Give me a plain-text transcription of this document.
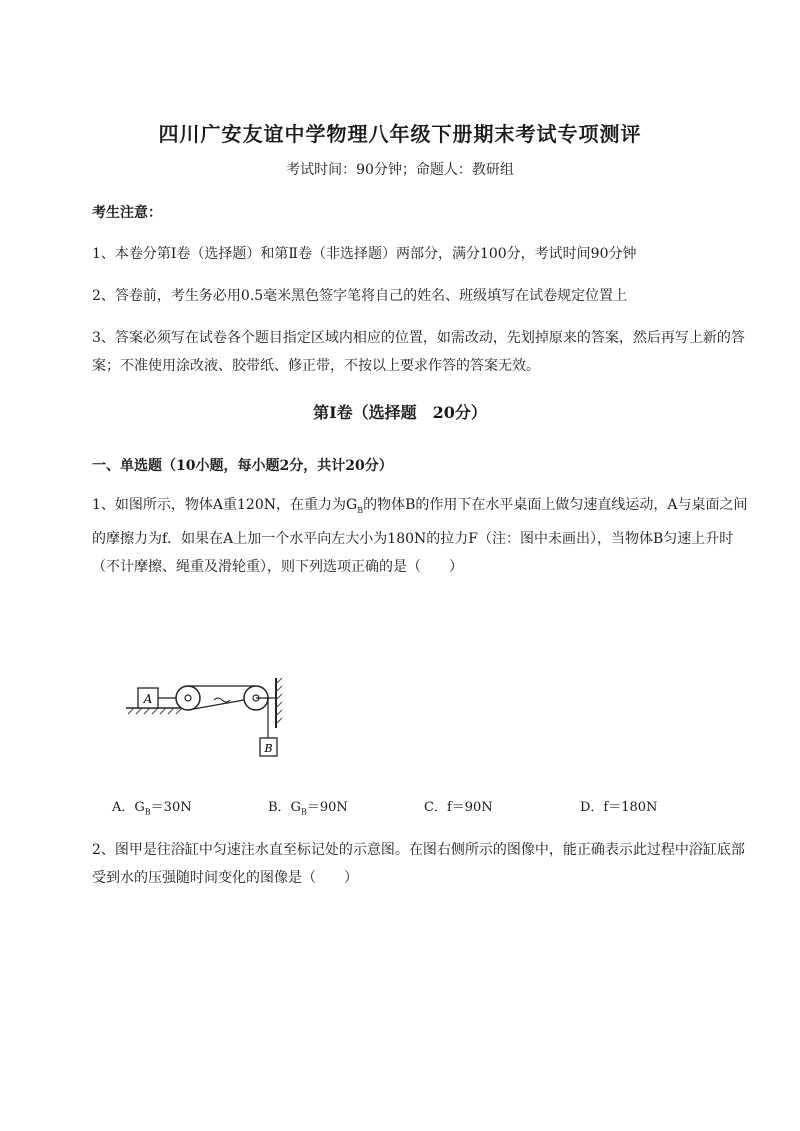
四川广安友谊中学物理八年级下册期末考试专项测评
考试时间：90分钟；命题人：教研组
考生注意：
1、本卷分第Ⅰ卷（选择题）和第Ⅱ卷（非选择题）两部分，满分100分，考试时间90分钟
2、答卷前，考生务必用0.5毫米黑色签字笔将自己的姓名、班级填写在试卷规定位置上
3、答案必须写在试卷各个题目指定区域内相应的位置，如需改动，先划掉原来的答案，然后再写上新的答案；不准使用涂改液、胶带纸、修正带，不按以上要求作答的答案无效。
第Ⅰ卷（选择题　20分）
一、单选题（10小题，每小题2分，共计20分）
1、如图所示，物体A重120N，在重力为$G_B$的物体B的作用下在水平桌面上做匀速直线运动，A与桌面之间的摩擦力为f．如果在A上加一个水平向左大小为180N的拉力F（注：图中未画出），当物体B匀速上升时（不计摩擦、绳重及滑轮重），则下列选项正确的是（　　）
A
B
A．$G_B=30N$	B．$G_B=90N$	C．f＝90N	D．f＝180N
2、图甲是往浴缸中匀速注水直至标记处的示意图。在图右侧所示的图像中，能正确表示此过程中浴缸底部受到水的压强随时间变化的图像是（　　）
